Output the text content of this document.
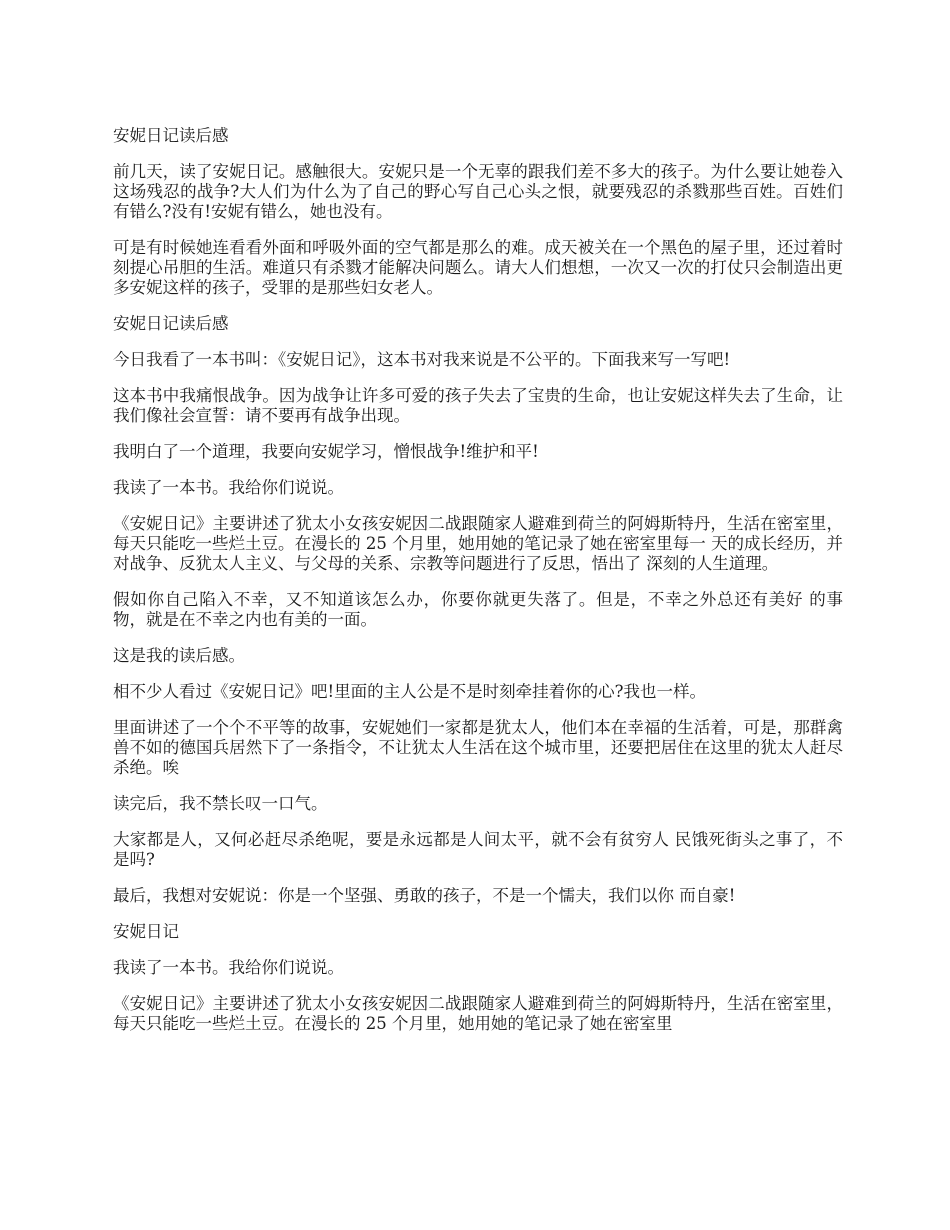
安妮日记读后感

前几天，读了安妮日记。感触很大。安妮只是一个无辜的跟我们差不多大的孩子。为什么要让她卷入这场残忍的战争?大人们为什么为了自己的野心写自己心头之恨，就要残忍的杀戮那些百姓。百姓们有错么?没有!安妮有错么，她也没有。

可是有时候她连看看外面和呼吸外面的空气都是那么的难。成天被关在一个黑色的屋子里，还过着时刻提心吊胆的生活。难道只有杀戮才能解决问题么。请大人们想想，一次又一次的打仗只会制造出更多安妮这样的孩子，受罪的是那些妇女老人。

安妮日记读后感

今日我看了一本书叫：《安妮日记》，这本书对我来说是不公平的。下面我来写一写吧!

这本书中我痛恨战争。因为战争让许多可爱的孩子失去了宝贵的生命，也让安妮这样失去了生命，让我们像社会宣誓：请不要再有战争出现。

我明白了一个道理，我要向安妮学习，憎恨战争!维护和平!

我读了一本书。我给你们说说。

《安妮日记》主要讲述了犹太小女孩安妮因二战跟随家人避难到荷兰的阿姆斯特丹，生活在密室里，每天只能吃一些烂土豆。在漫长的 25 个月里，她用她的笔记录了她在密室里每一 天的成长经历，并对战争、反犹太人主义、与父母的关系、宗教等问题进行了反思，悟出了 深刻的人生道理。

假如你自己陷入不幸，又不知道该怎么办，你要你就更失落了。但是，不幸之外总还有美好 的事物，就是在不幸之内也有美的一面。

这是我的读后感。

相不少人看过《安妮日记》吧!里面的主人公是不是时刻牵挂着你的心?我也一样。

里面讲述了一个个不平等的故事，安妮她们一家都是犹太人，他们本在幸福的生活着，可是，那群禽兽不如的德国兵居然下了一条指令，不让犹太人生活在这个城市里，还要把居住在这里的犹太人赶尽杀绝。唉

读完后，我不禁长叹一口气。

大家都是人，又何必赶尽杀绝呢，要是永远都是人间太平，就不会有贫穷人 民饿死街头之事了，不是吗?

最后，我想对安妮说：你是一个坚强、勇敢的孩子，不是一个懦夫，我们以你 而自豪!

安妮日记

我读了一本书。我给你们说说。

《安妮日记》主要讲述了犹太小女孩安妮因二战跟随家人避难到荷兰的阿姆斯特丹，生活在密室里，每天只能吃一些烂土豆。在漫长的 25 个月里，她用她的笔记录了她在密室里
